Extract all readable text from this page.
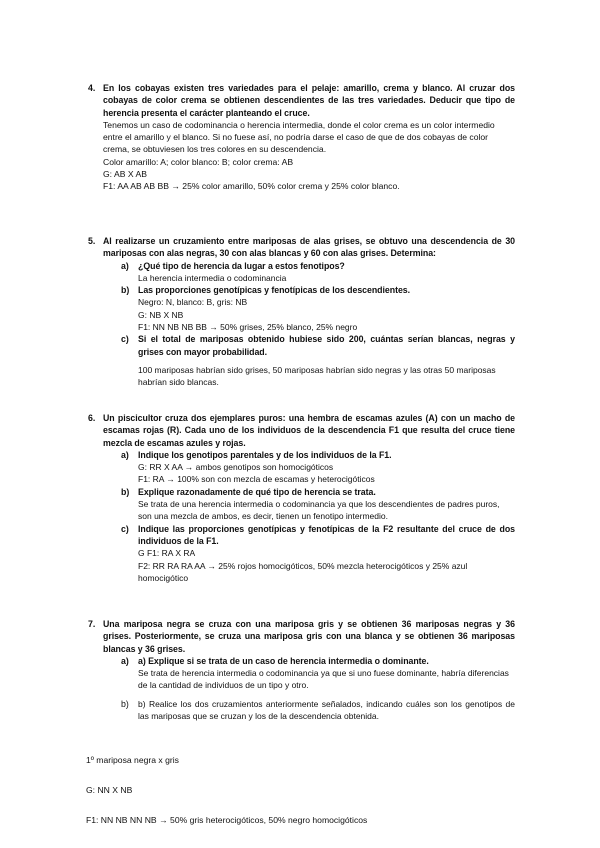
4. En los cobayas existen tres variedades para el pelaje: amarillo, crema y blanco. Al cruzar dos cobayas de color crema se obtienen descendientes de las tres variedades. Deducir que tipo de herencia presenta el carácter planteando el cruce.
Tenemos un caso de codominancia o herencia intermedia, donde el color crema es un color intermedio entre el amarillo y el blanco. Si no fuese así, no podría darse el caso de que de dos cobayas de color crema, se obtuviesen los tres colores en su descendencia.
Color amarillo: A; color blanco: B; color crema: AB
G: AB X AB
F1: AA AB AB BB → 25% color amarillo, 50% color crema y 25% color blanco.
5. Al realizarse un cruzamiento entre mariposas de alas grises, se obtuvo una descendencia de 30 mariposas con alas negras, 30 con alas blancas y 60 con alas grises. Determina:
a) ¿Qué tipo de herencia da lugar a estos fenotipos?
La herencia intermedia o codominancia
b) Las proporciones genotípicas y fenotípicas de los descendientes.
Negro: N, blanco: B, gris: NB
G: NB X NB
F1: NN NB NB BB → 50% grises, 25% blanco, 25% negro
c) Si el total de mariposas obtenido hubiese sido 200, cuántas serían blancas, negras y grises con mayor probabilidad.
100 mariposas habrían sido grises, 50 mariposas habrían sido negras y las otras 50 mariposas habrían sido blancas.
6. Un piscicultor cruza dos ejemplares puros: una hembra de escamas azules (A) con un macho de escamas rojas (R). Cada uno de los individuos de la descendencia F1 que resulta del cruce tiene mezcla de escamas azules y rojas.
a) Indique los genotipos parentales y de los individuos de la F1.
G: RR X AA → ambos genotipos son homocigóticos
F1: RA → 100% son con mezcla de escamas y heterocigóticos
b) Explique razonadamente de qué tipo de herencia se trata.
Se trata de una herencia intermedia o codominancia ya que los descendientes de padres puros, son una mezcla de ambos, es decir, tienen un fenotipo intermedio.
c) Indique las proporciones genotípicas y fenotípicas de la F2 resultante del cruce de dos individuos de la F1.
G F1: RA X RA
F2: RR RA RA AA → 25% rojos homocigóticos, 50% mezcla heterocigóticos y 25% azul homocigótico
7. Una mariposa negra se cruza con una mariposa gris y se obtienen 36 mariposas negras y 36 grises. Posteriormente, se cruza una mariposa gris con una blanca y se obtienen 36 mariposas blancas y 36 grises.
a) a) Explique si se trata de un caso de herencia intermedia o dominante.
Se trata de herencia intermedia o codominancia ya que si uno fuese dominante, habría diferencias de la cantidad de individuos de un tipo y otro.
b) b) Realice los dos cruzamientos anteriormente señalados, indicando cuáles son los genotipos de las mariposas que se cruzan y los de la descendencia obtenida.
1º mariposa negra x gris
G: NN X NB
F1: NN NB NN NB → 50% gris heterocigóticos, 50% negro homocigóticos
